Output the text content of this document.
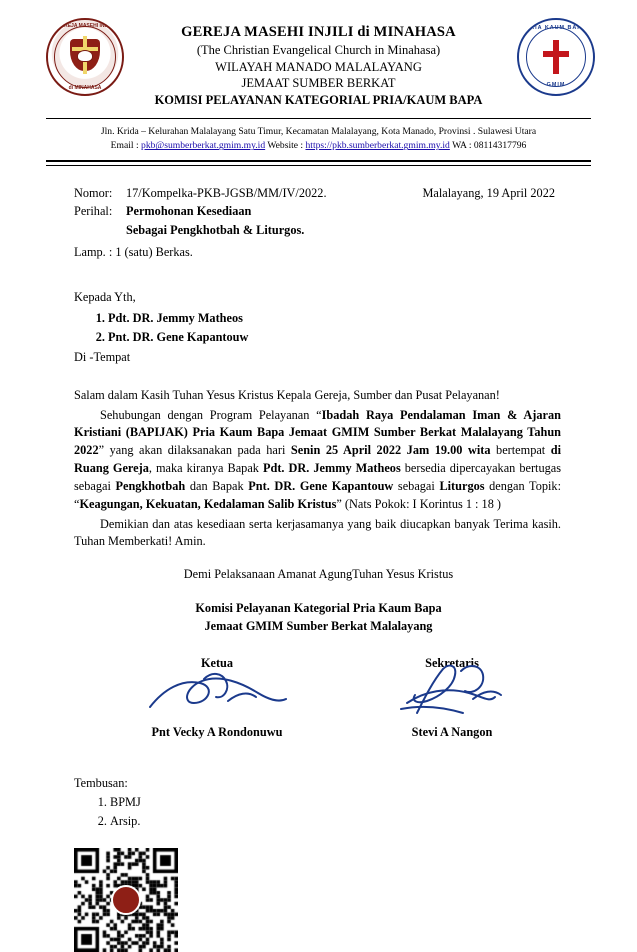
GEREJA MASEHI INJILI
di MINAHASA
GEREJA MASEHI INJILI di MINAHASA
(The Christian Evangelical Church in Minahasa)
WILAYAH MANADO MALALAYANG
JEMAAT SUMBER BERKAT
KOMISI PELAYANAN KATEGORIAL PRIA/KAUM BAPA
PRIA KAUM BAPA
GMIM
Jln. Krida – Kelurahan Malalayang Satu Timur, Kecamatan Malalayang, Kota Manado, Provinsi . Sulawesi Utara
Email : pkb@sumberberkat.gmim.my.id Website : https://pkb.sumberberkat.gmim.my.id WA : 08114317796
Malalayang, 19 April 2022
Nomor:	17/Kompelka-PKB-JGSB/MM/IV/2022.
Perihal:	Permohonan Kesediaan
Sebagai Pengkhotbah & Liturgos.
Lamp. : 1 (satu) Berkas.
Kepada Yth,
1. Pdt. DR. Jemmy Matheos
2. Pnt. DR. Gene Kapantouw
Di -Tempat

Salam dalam Kasih Tuhan Yesus Kristus Kepala Gereja, Sumber dan Pusat Pelayanan!

Sehubungan dengan Program Pelayanan “Ibadah Raya Pendalaman Iman & Ajaran Kristiani (BAPIJAK) Pria Kaum Bapa Jemaat GMIM Sumber Berkat Malalayang Tahun 2022” yang akan dilaksanakan pada hari Senin 25 April 2022 Jam 19.00 wita bertempat di Ruang Gereja, maka kiranya Bapak Pdt. DR. Jemmy Matheos bersedia dipercayakan bertugas sebagai Pengkhotbah dan Bapak Pnt. DR. Gene Kapantouw sebagai Liturgos dengan Topik: “Keagungan, Kekuatan, Kedalaman Salib Kristus” (Nats Pokok: I Korintus 1 : 18 )

Demikian dan atas kesediaan serta kerjasamanya yang baik diucapkan banyak Terima kasih. Tuhan Memberkati! Amin.

Demi Pelaksanaan Amanat AgungTuhan Yesus Kristus
Komisi Pelayanan Kategorial Pria Kaum Bapa
Jemaat GMIM Sumber Berkat Malalayang
Ketua
Pnt Vecky A Rondonuwu
Sekretaris
Stevi A Nangon
Tembusan:
1. BPMJ
2. Arsip.
